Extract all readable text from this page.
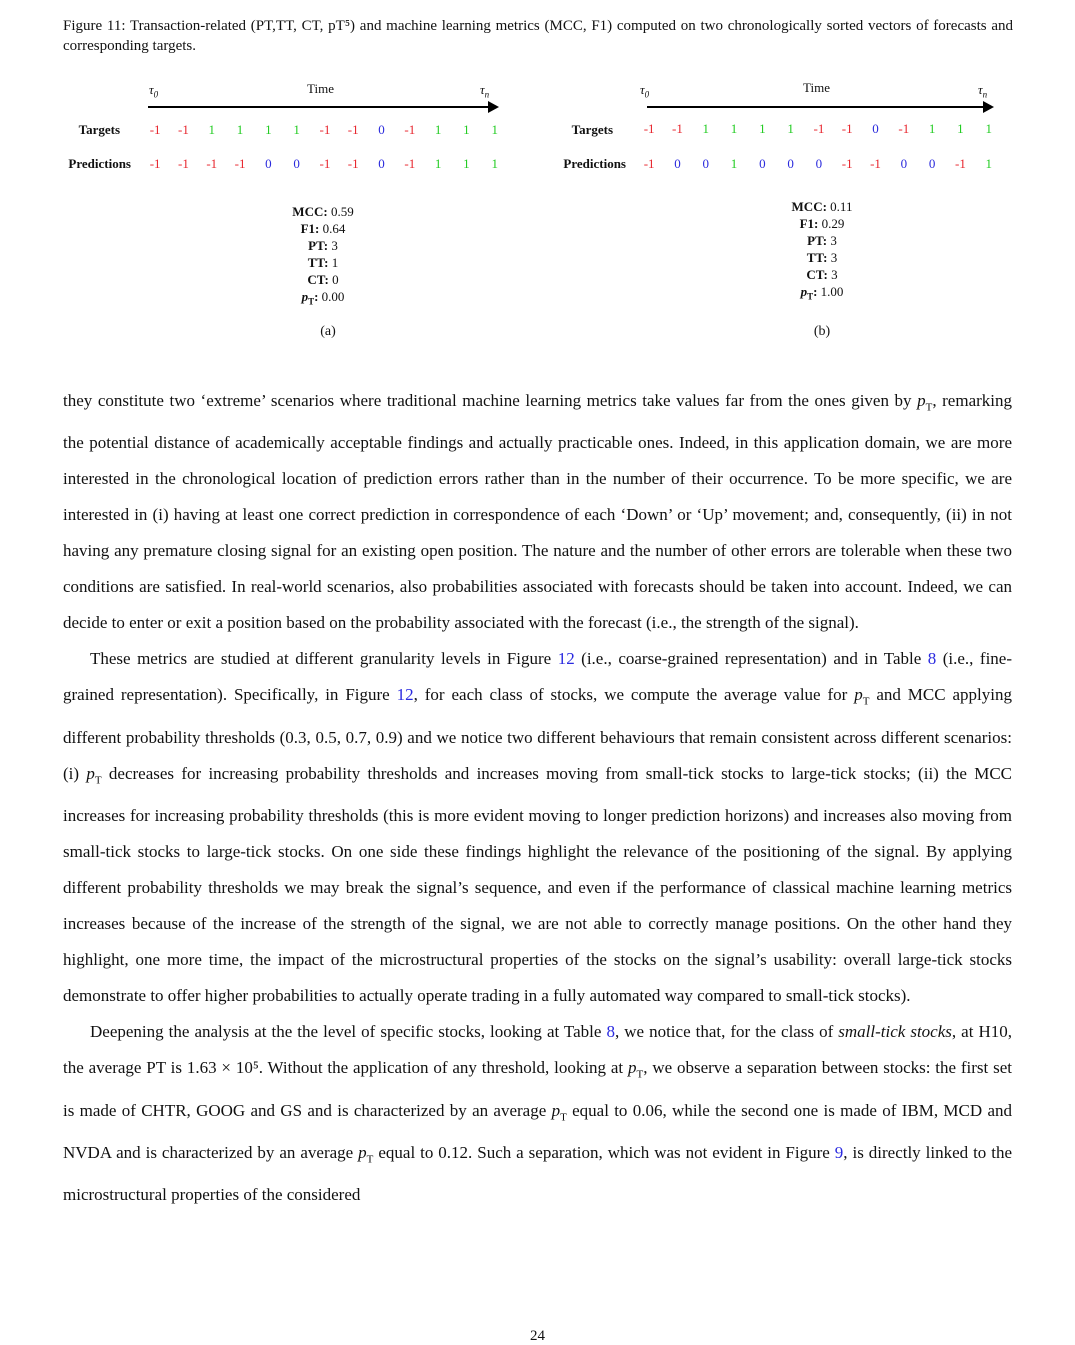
Figure 11: Transaction-related (PT,TT, CT, pT⁵) and machine learning metrics (MCC, F1) computed on two chronologically sorted vectors of forecasts and corresponding targets.
$\tau_0$	Time	$\tau_n$
Targets	-1	-1	1	1	1	1	-1	-1	0	-1	1	1	1
Predictions	-1	-1	-1	-1	0	0	-1	-1	0	-1	1	1	1
MCC: 0.59
F1: 0.64
PT: 3
TT: 1
CT: 0
$p_T$: 0.00
(a)
$\tau_0$	Time	$\tau_n$
Targets	-1	-1	1	1	1	1	-1	-1	0	-1	1	1	1
Predictions	-1	0	0	1	0	0	0	-1	-1	0	0	-1	1
MCC: 0.11
F1: 0.29
PT: 3
TT: 3
CT: 3
$p_T$: 1.00
(b)

they constitute two ‘extreme’ scenarios where traditional machine learning metrics take values far from the ones given by $p_T$, remarking the potential distance of academically acceptable findings and actually practicable ones. Indeed, in this application domain, we are more interested in the chronological location of prediction errors rather than in the number of their occurrence. To be more specific, we are interested in (i) having at least one correct prediction in correspondence of each ‘Down’ or ‘Up’ movement; and, consequently, (ii) in not having any premature closing signal for an existing open position. The nature and the number of other errors are tolerable when these two conditions are satisfied. In real-world scenarios, also probabilities associated with forecasts should be taken into account. Indeed, we can decide to enter or exit a position based on the probability associated with the forecast (i.e., the strength of the signal).

These metrics are studied at different granularity levels in Figure 12 (i.e., coarse-grained representation) and in Table 8 (i.e., fine-grained representation). Specifically, in Figure 12, for each class of stocks, we compute the average value for $p_T$ and MCC applying different probability thresholds (0.3, 0.5, 0.7, 0.9) and we notice two different behaviours that remain consistent across different scenarios: (i) $p_T$ decreases for increasing probability thresholds and increases moving from small-tick stocks to large-tick stocks; (ii) the MCC increases for increasing probability thresholds (this is more evident moving to longer prediction horizons) and increases also moving from small-tick stocks to large-tick stocks. On one side these findings highlight the relevance of the positioning of the signal. By applying different probability thresholds we may break the signal’s sequence, and even if the performance of classical machine learning metrics increases because of the increase of the strength of the signal, we are not able to correctly manage positions. On the other hand they highlight, one more time, the impact of the microstructural properties of the stocks on the signal’s usability: overall large-tick stocks demonstrate to offer higher probabilities to actually operate trading in a fully automated way compared to small-tick stocks).

Deepening the analysis at the the level of specific stocks, looking at Table 8, we notice that, for the class of small-tick stocks, at H10, the average PT is 1.63 × 10⁵. Without the application of any threshold, looking at $p_T$, we observe a separation between stocks: the first set is made of CHTR, GOOG and GS and is characterized by an average $p_T$ equal to 0.06, while the second one is made of IBM, MCD and NVDA and is characterized by an average $p_T$ equal to 0.12. Such a separation, which was not evident in Figure 9, is directly linked to the microstructural properties of the considered

24
